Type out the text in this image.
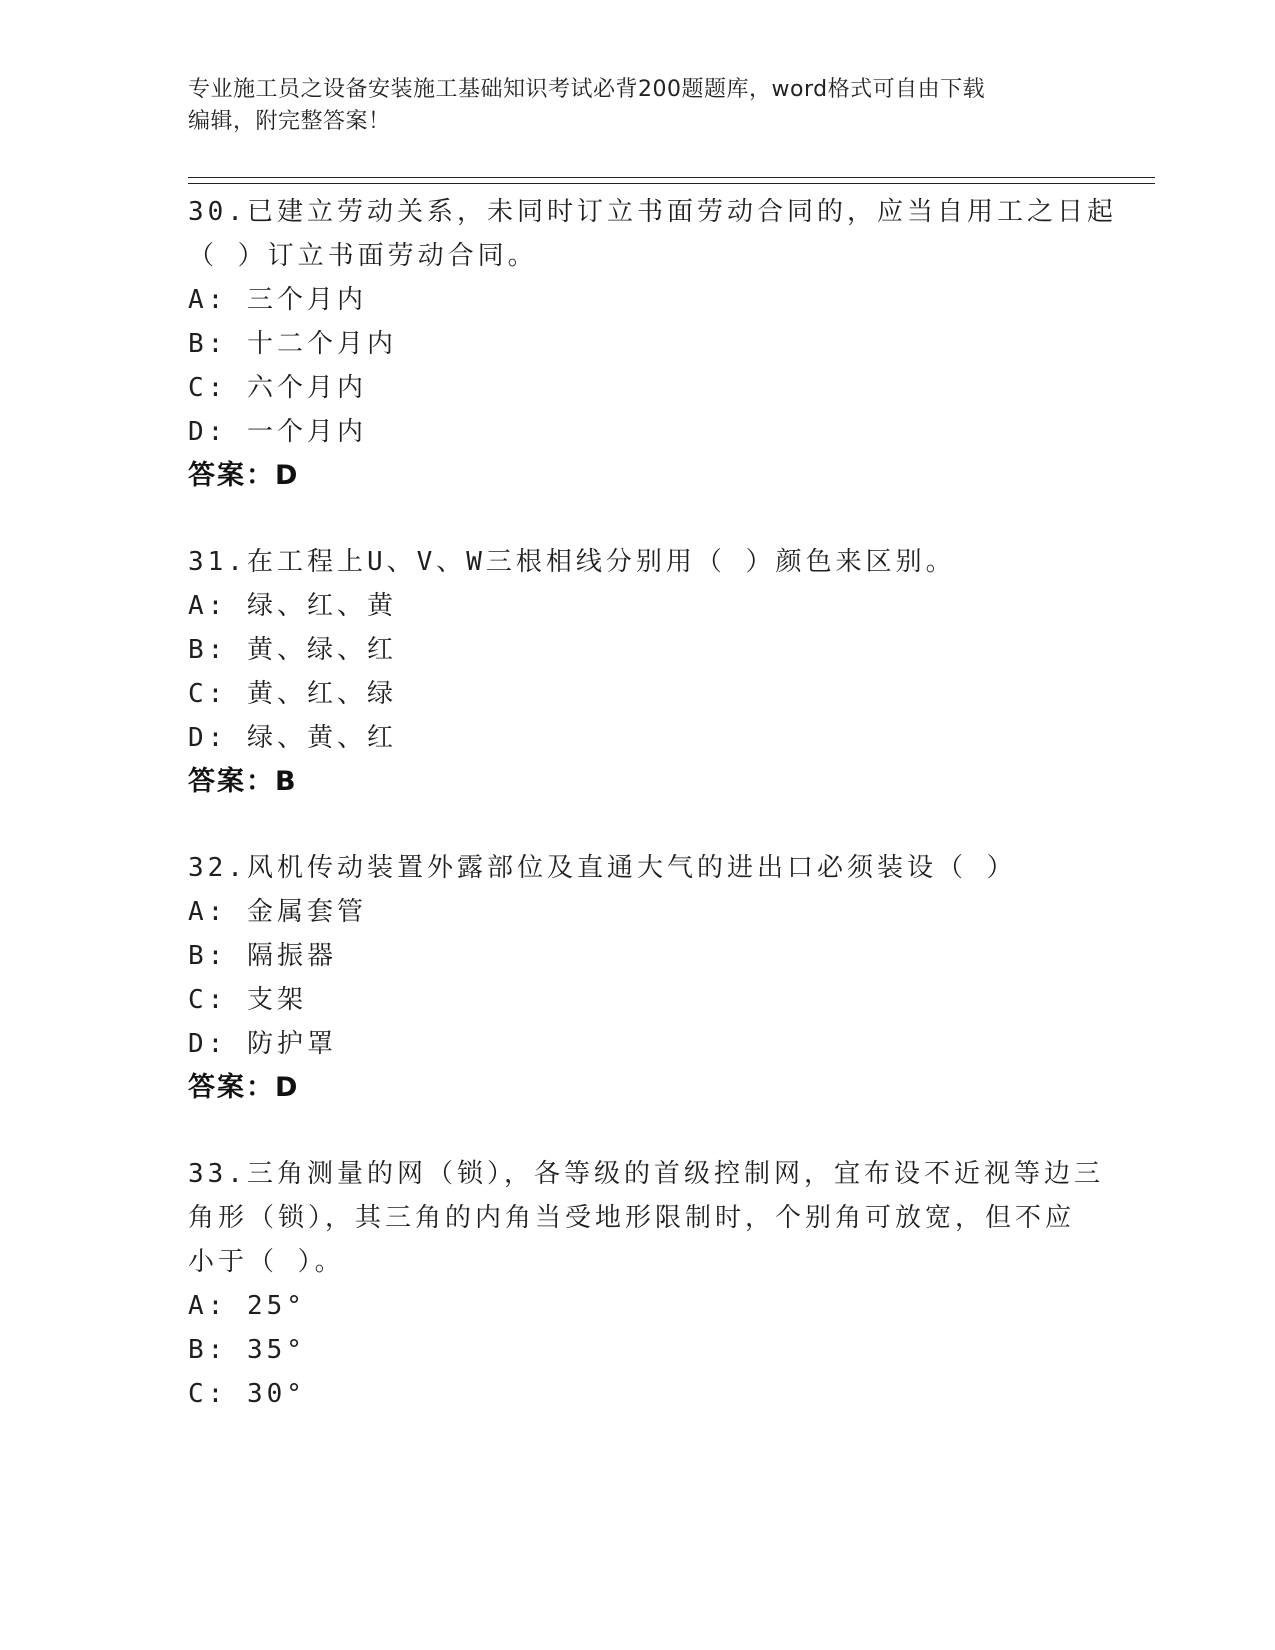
专业施工员之设备安装施工基础知识考试必背200题题库，word格式可自由下载
编辑，附完整答案！
30.已建立劳动关系，未同时订立书面劳动合同的，应当自用工之日起
（ ）订立书面劳动合同。
A: 三个月内
B: 十二个月内
C: 六个月内
D: 一个月内
答案：D
31.在工程上U、V、W三根相线分别用（ ）颜色来区别。
A: 绿、红、黄
B: 黄、绿、红
C: 黄、红、绿
D: 绿、黄、红
答案：B
32.风机传动装置外露部位及直通大气的进出口必须装设（ ）
A: 金属套管
B: 隔振器
C: 支架
D: 防护罩
答案：D
33.三角测量的网（锁），各等级的首级控制网，宜布设不近视等边三
角形（锁），其三角的内角当受地形限制时，个别角可放宽，但不应
小于（ ）。
A: 25°
B: 35°
C: 30°
